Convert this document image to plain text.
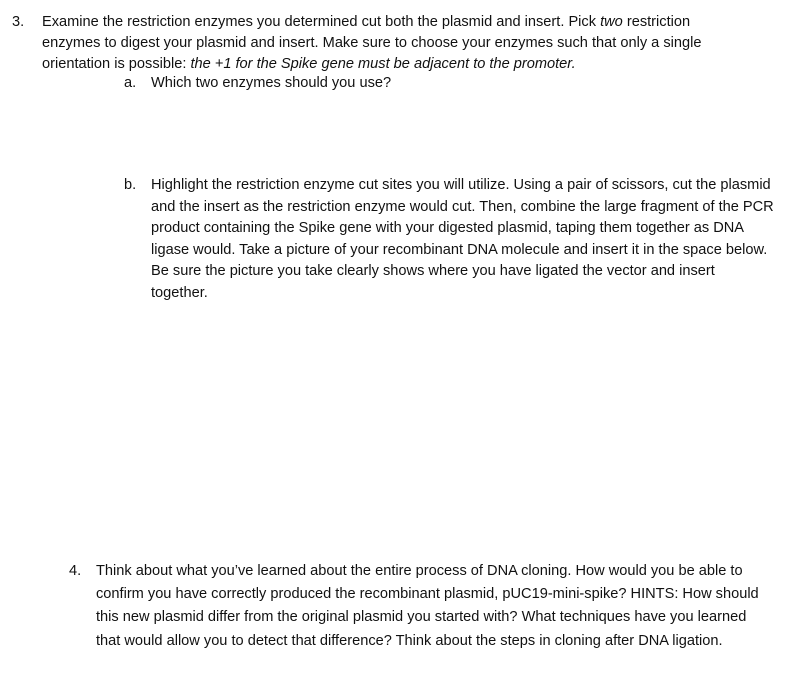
3. Examine the restriction enzymes you determined cut both the plasmid and insert. Pick two restriction enzymes to digest your plasmid and insert. Make sure to choose your enzymes such that only a single orientation is possible: the +1 for the Spike gene must be adjacent to the promoter.
a. Which two enzymes should you use?
b. Highlight the restriction enzyme cut sites you will utilize. Using a pair of scissors, cut the plasmid and the insert as the restriction enzyme would cut. Then, combine the large fragment of the PCR product containing the Spike gene with your digested plasmid, taping them together as DNA ligase would. Take a picture of your recombinant DNA molecule and insert it in the space below. Be sure the picture you take clearly shows where you have ligated the vector and insert together.
4. Think about what you’ve learned about the entire process of DNA cloning. How would you be able to confirm you have correctly produced the recombinant plasmid, pUC19-mini-spike? HINTS: How should this new plasmid differ from the original plasmid you started with? What techniques have you learned that would allow you to detect that difference? Think about the steps in cloning after DNA ligation.
